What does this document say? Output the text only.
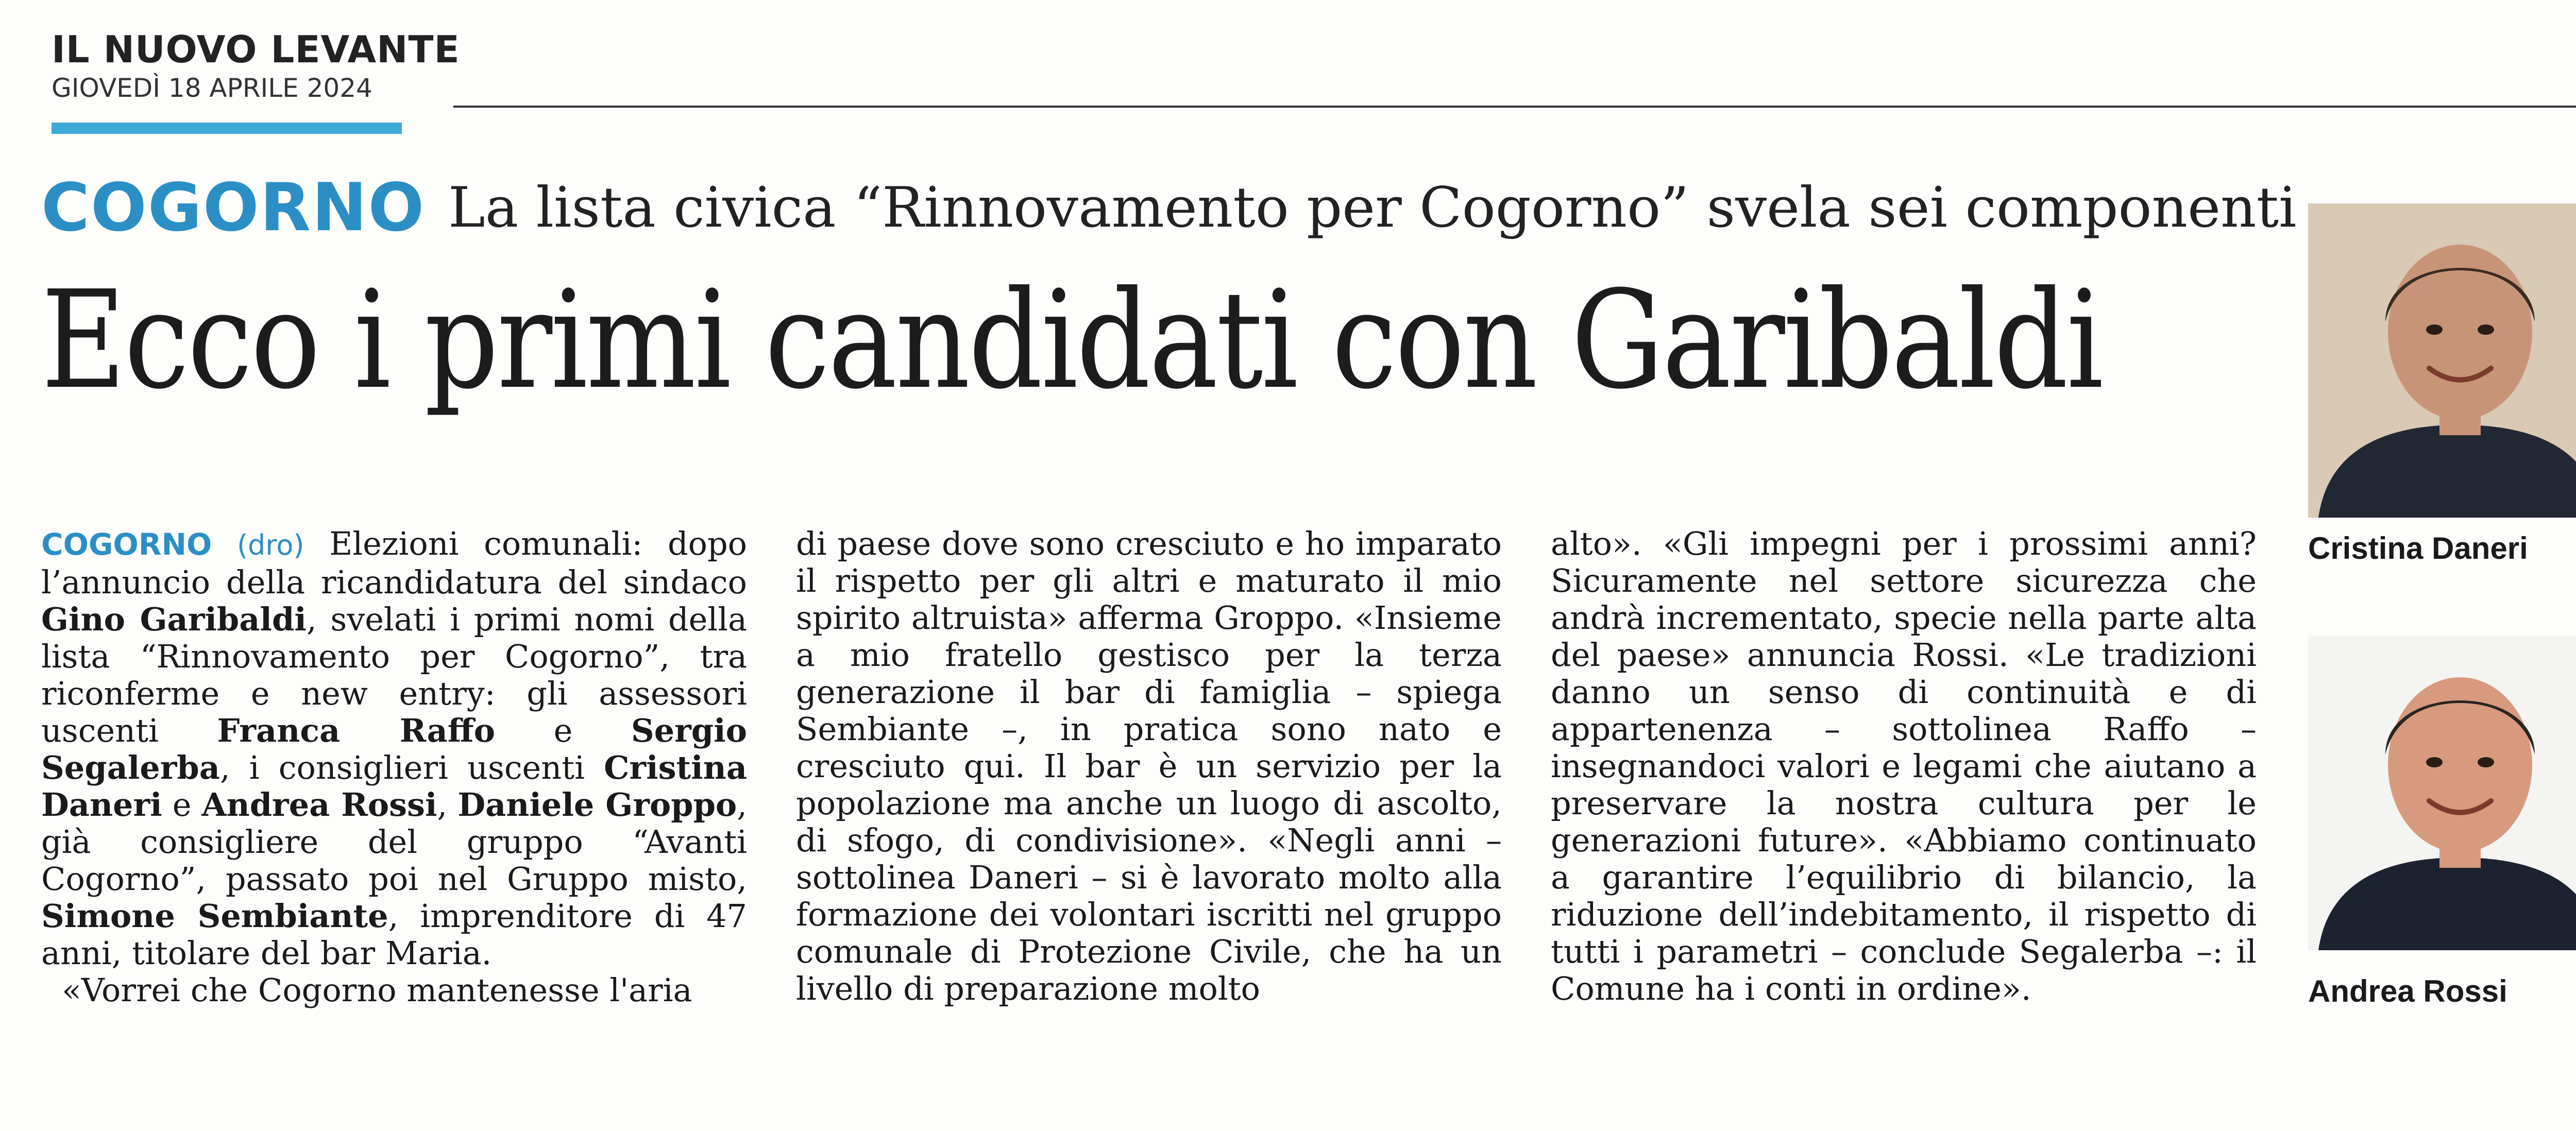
IL NUOVO LEVANTE
GIOVEDÌ 18 APRILE 2024
COGORNO La lista civica “Rinnovamento per Cogorno” svela sei componenti
Ecco i primi candidati con Garibaldi

COGORNO (dro) Elezioni comunali: dopo l’annuncio della ricandidatura del sindaco Gino Garibaldi, svelati i primi nomi della lista “Rinnovamento per Cogorno”, tra riconferme e new entry: gli assessori uscenti Franca Raffo e Sergio Segalerba, i consiglieri uscenti Cristina Daneri e Andrea Rossi, Daniele Groppo, già consigliere del gruppo “Avanti Cogorno”, passato poi nel Gruppo misto, Simone Sembiante, imprenditore di 47 anni, titolare del bar Maria.

«Vorrei che Cogorno mantenesse l'aria

di paese dove sono cresciuto e ho imparato il rispetto per gli altri e maturato il mio spirito altruista» afferma Groppo. «Insieme a mio fratello gestisco per la terza generazione il bar di famiglia – spiega Sembiante –, in pratica sono nato e cresciuto qui. Il bar è un servizio per la popolazione ma anche un luogo di ascolto, di sfogo, di condivisione». «Negli anni – sottolinea Daneri – si è lavorato molto alla formazione dei volontari iscritti nel gruppo comunale di Protezione Civile, che ha un livello di preparazione molto

alto». «Gli impegni per i prossimi anni? Sicuramente nel settore sicurezza che andrà incrementato, specie nella parte alta del paese» annuncia Rossi. «Le tradizioni danno un senso di continuità e di appartenenza – sottolinea Raffo – insegnandoci valori e legami che aiutano a preservare la nostra cultura per le generazioni future». «Abbiamo continuato a garantire l’equilibrio di bilancio, la riduzione dell’indebitamento, il rispetto di tutti i parametri – conclude Segalerba –: il Comune ha i conti in ordine».

Cristina Daneri
Andrea Rossi
